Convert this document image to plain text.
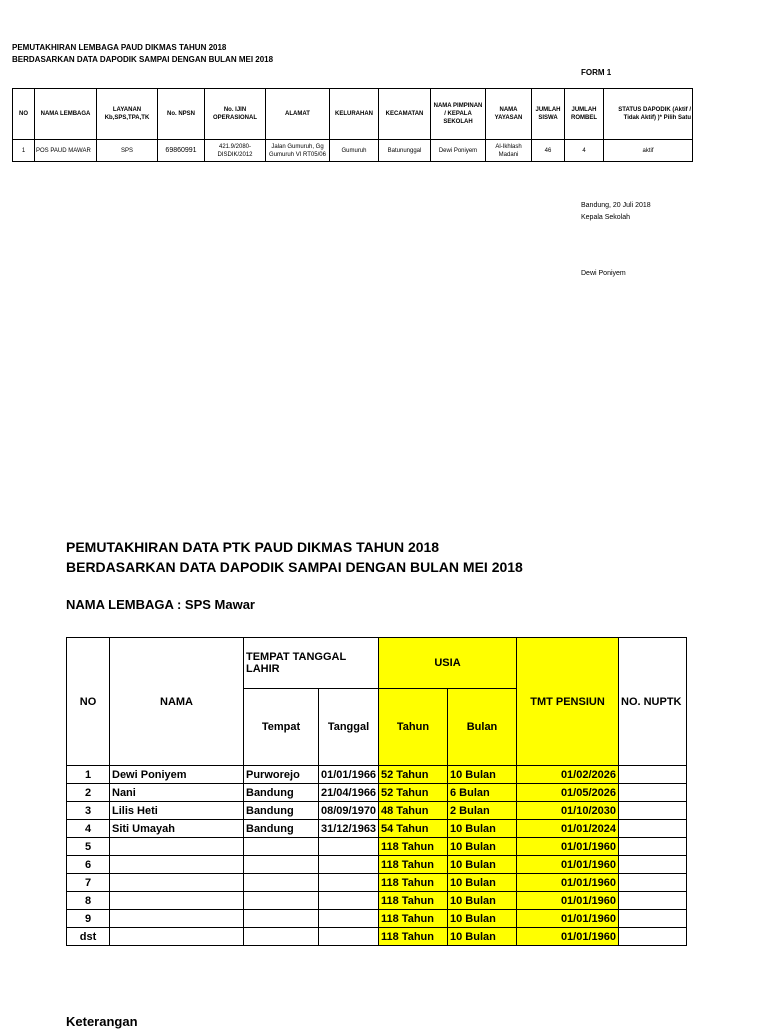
PEMUTAKHIRAN LEMBAGA PAUD DIKMAS TAHUN 2018
BERDASARKAN DATA DAPODIK SAMPAI DENGAN BULAN MEI 2018
FORM 1
NO	NAMA LEMBAGA	LAYANAN Kb,SPS,TPA,TK	No. NPSN	No. IJIN OPERASIONAL	ALAMAT	KELURAHAN	KECAMATAN	NAMA PIMPINAN / KEPALA SEKOLAH	NAMA YAYASAN	JUMLAH SISWA	JUMLAH ROMBEL	STATUS DAPODIK (Aktif / Tidak Aktif) )* Pilih Satu
1	POS PAUD MAWAR	SPS	69860991	421.9/2080-DISDIK/2012	Jalan Gumuruh, Gg Gumuruh VI RT05/06	Gumuruh	Batununggal	Dewi Poniyem	Al-Ikhlash Madani	46	4	aktif
Bandung, 20 Juli 2018
Kepala Sekolah
Dewi Poniyem
PEMUTAKHIRAN DATA PTK PAUD DIKMAS TAHUN 2018
BERDASARKAN DATA DAPODIK SAMPAI DENGAN BULAN MEI 2018
NAMA LEMBAGA : SPS Mawar
NO	NAMA	TEMPAT TANGGAL LAHIR		USIA		TMT PENSIUN	NO. NUPTK
		Tempat	Tanggal	Tahun	Bulan		
1	Dewi Poniyem	Purworejo	01/01/1966	52 Tahun	10 Bulan	01/02/2026	
2	Nani	Bandung	21/04/1966	52 Tahun	6 Bulan	01/05/2026	
3	Lilis Heti	Bandung	08/09/1970	48 Tahun	2 Bulan	01/10/2030	
4	Siti Umayah	Bandung	31/12/1963	54 Tahun	10 Bulan	01/01/2024	
5				118 Tahun	10 Bulan	01/01/1960	
6				118 Tahun	10 Bulan	01/01/1960	
7				118 Tahun	10 Bulan	01/01/1960	
8				118 Tahun	10 Bulan	01/01/1960	
9				118 Tahun	10 Bulan	01/01/1960	
dst				118 Tahun	10 Bulan	01/01/1960	
Keterangan
